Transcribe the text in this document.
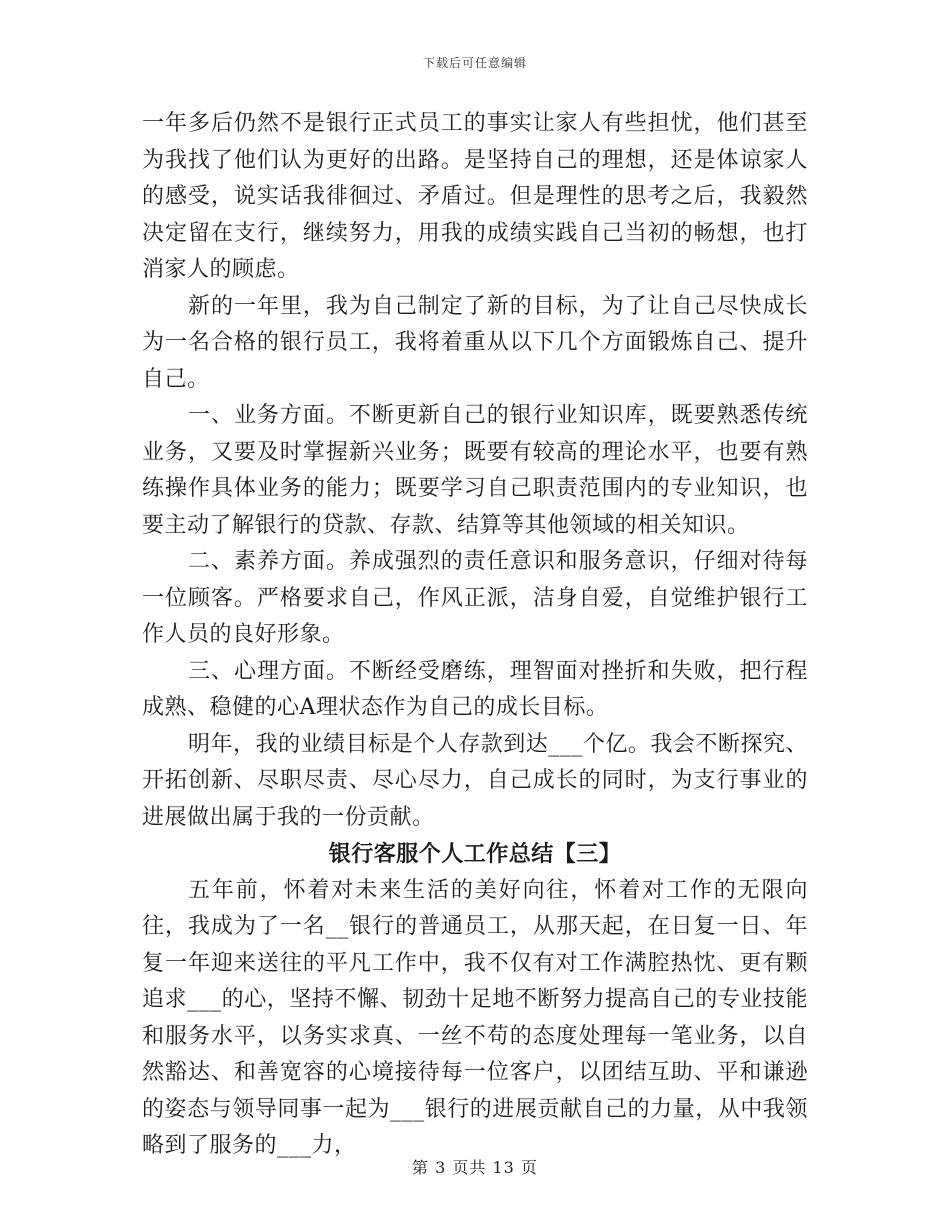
下载后可任意编辑

一年多后仍然不是银行正式员工的事实让家人有些担忧，他们甚至为我找了他们认为更好的出路。是坚持自己的理想，还是体谅家人的感受，说实话我徘徊过、矛盾过。但是理性的思考之后，我毅然决定留在支行，继续努力，用我的成绩实践自己当初的畅想，也打消家人的顾虑。

新的一年里，我为自己制定了新的目标，为了让自己尽快成长为一名合格的银行员工，我将着重从以下几个方面锻炼自己、提升自己。

一、业务方面。不断更新自己的银行业知识库，既要熟悉传统业务，又要及时掌握新兴业务；既要有较高的理论水平，也要有熟练操作具体业务的能力；既要学习自己职责范围内的专业知识，也要主动了解银行的贷款、存款、结算等其他领域的相关知识。

二、素养方面。养成强烈的责任意识和服务意识，仔细对待每一位顾客。严格要求自己，作风正派，洁身自爱，自觉维护银行工作人员的良好形象。

三、心理方面。不断经受磨练，理智面对挫折和失败，把行程成熟、稳健的心A理状态作为自己的成长目标。

明年，我的业绩目标是个人存款到达___个亿。我会不断探究、开拓创新、尽职尽责、尽心尽力，自己成长的同时，为支行事业的进展做出属于我的一份贡献。

银行客服个人工作总结【三】

五年前，怀着对未来生活的美好向往，怀着对工作的无限向往，我成为了一名__银行的普通员工，从那天起，在日复一日、年复一年迎来送往的平凡工作中，我不仅有对工作满腔热忱、更有颗追求___的心，坚持不懈、韧劲十足地不断努力提高自己的专业技能和服务水平，以务实求真、一丝不苟的态度处理每一笔业务，以自然豁达、和善宽容的心境接待每一位客户，以团结互助、平和谦逊的姿态与领导同事一起为___银行的进展贡献自己的力量，从中我领略到了服务的___力，

第 3 页共 13 页
